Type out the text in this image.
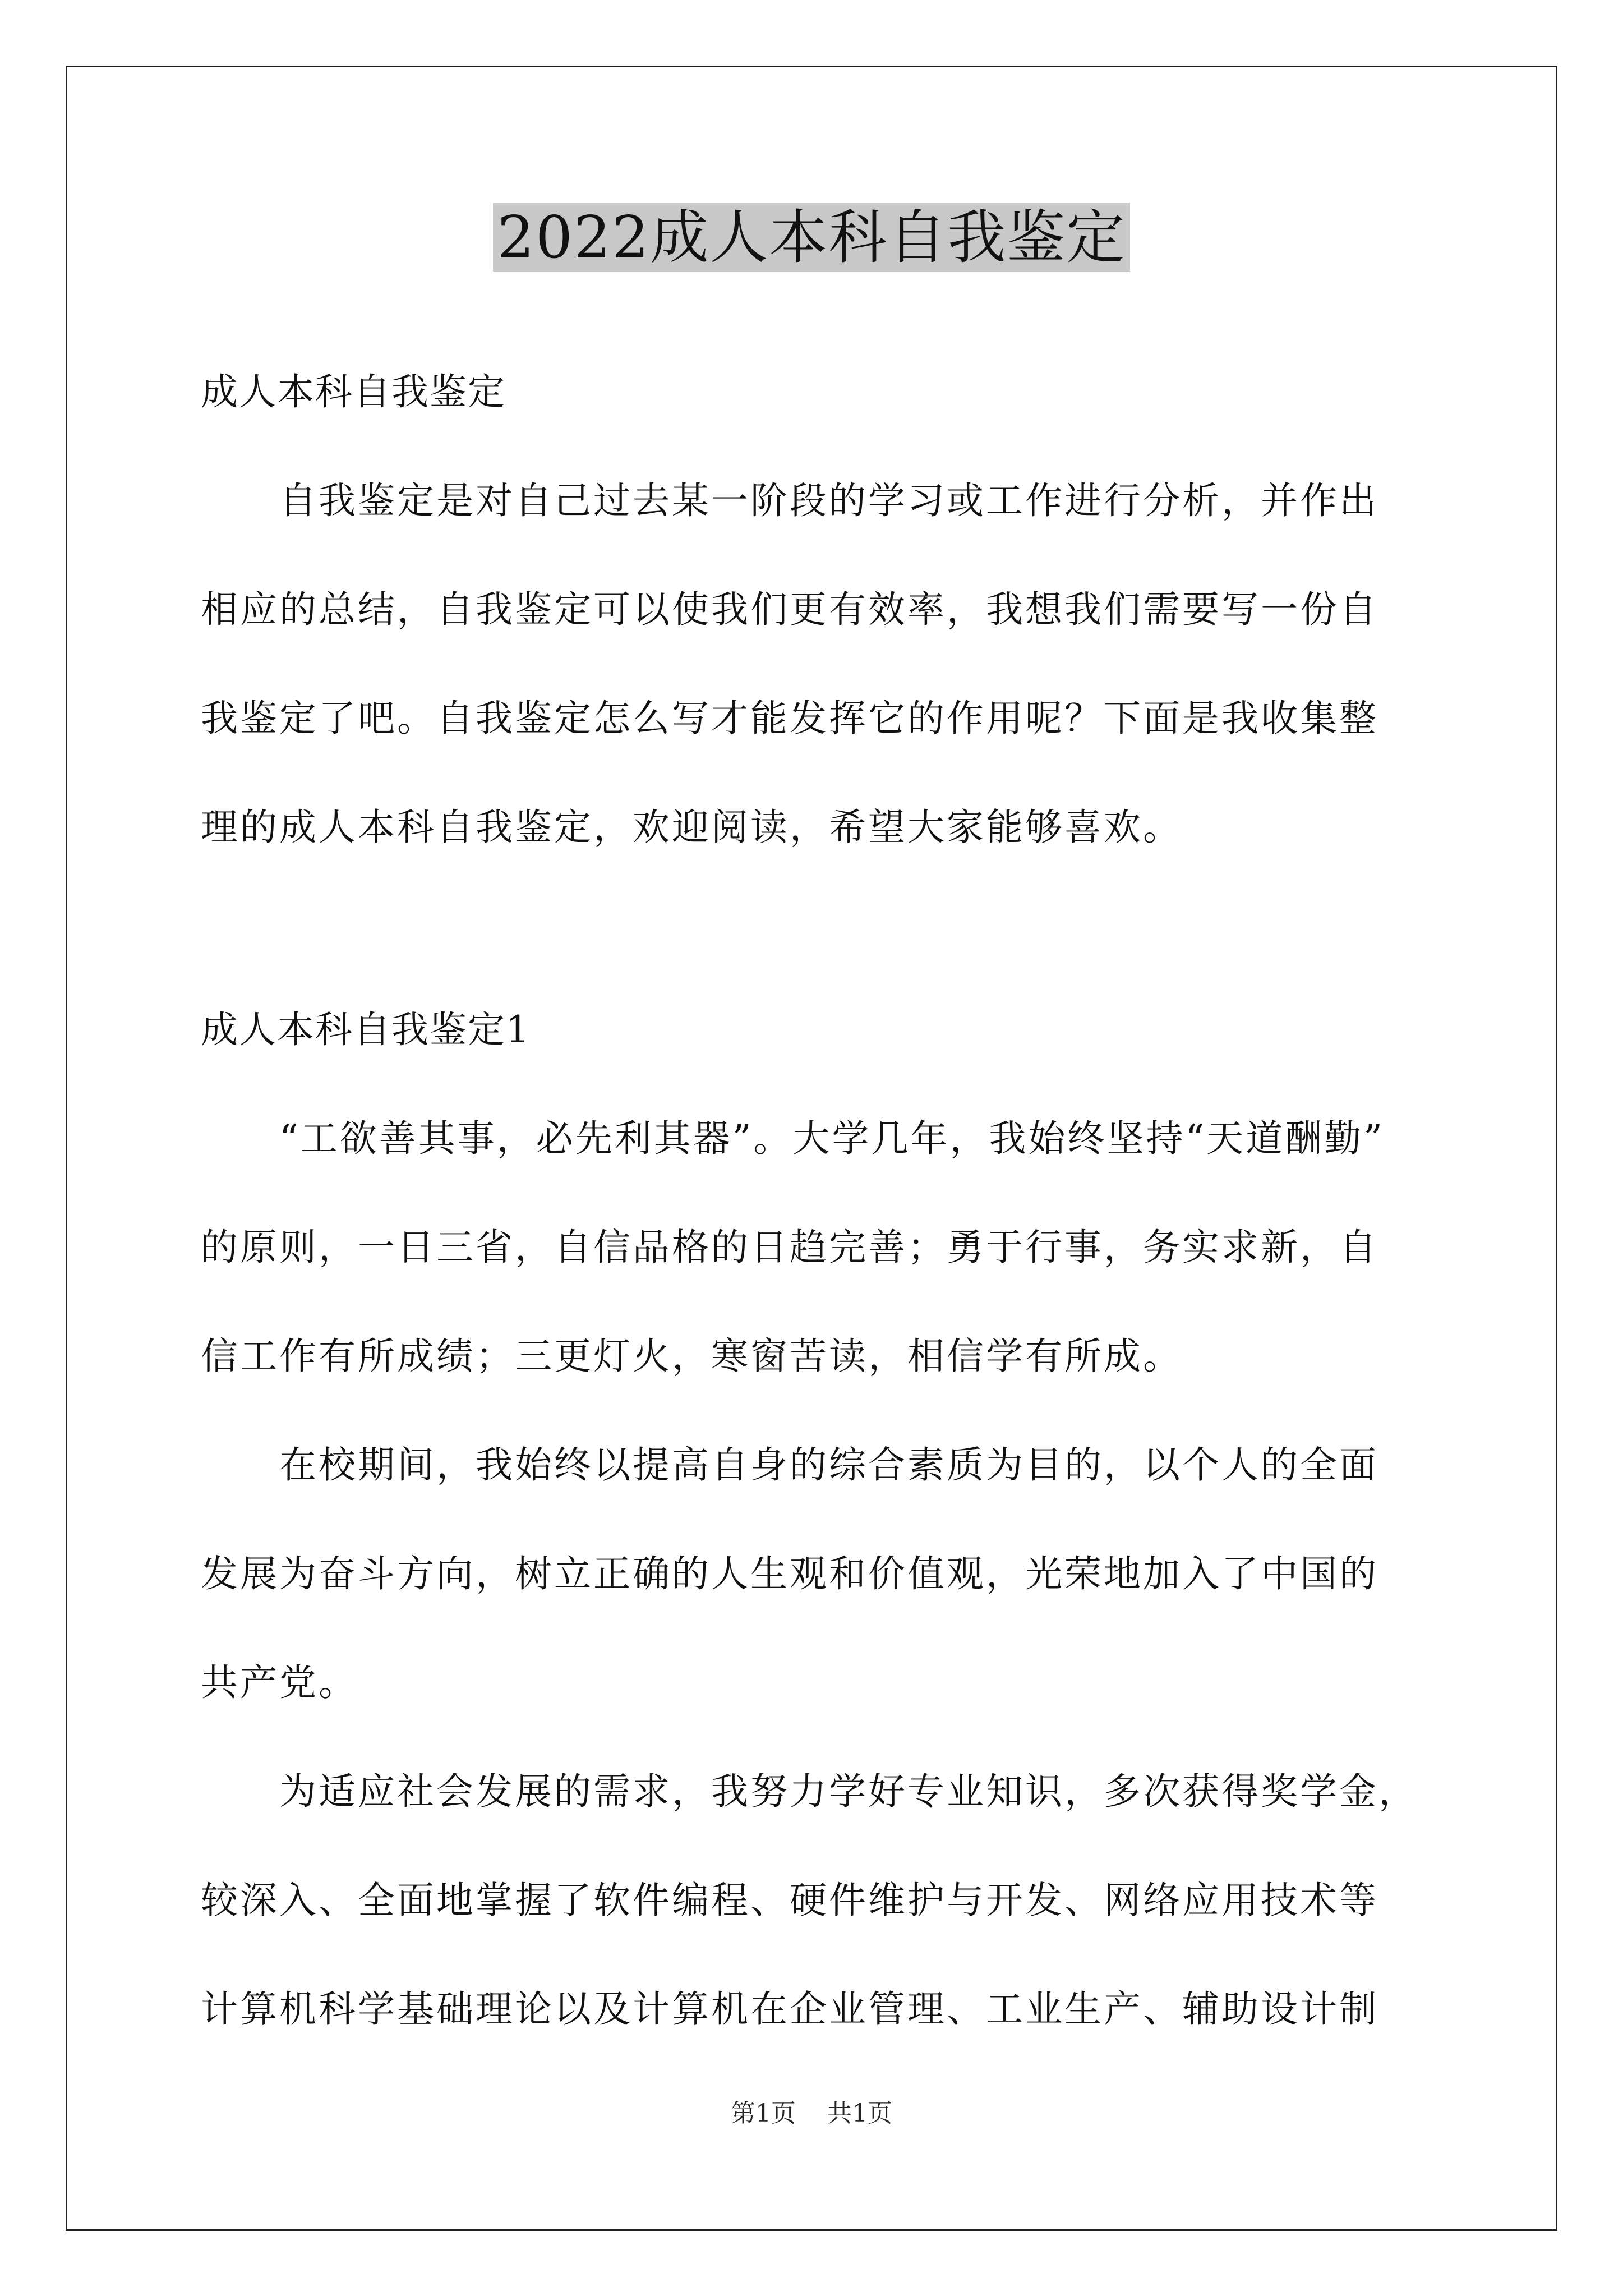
2022成人本科自我鉴定
成人本科自我鉴定
　　自我鉴定是对自己过去某一阶段的学习或工作进行分析，并作出
相应的总结，自我鉴定可以使我们更有效率，我想我们需要写一份自
我鉴定了吧。自我鉴定怎么写才能发挥它的作用呢？下面是我收集整
理的成人本科自我鉴定，欢迎阅读，希望大家能够喜欢。
成人本科自我鉴定1
　　“工欲善其事，必先利其器”。大学几年，我始终坚持“天道酬勤”
的原则，一日三省，自信品格的日趋完善；勇于行事，务实求新，自
信工作有所成绩；三更灯火，寒窗苦读，相信学有所成。
　　在校期间，我始终以提高自身的综合素质为目的，以个人的全面
发展为奋斗方向，树立正确的人生观和价值观，光荣地加入了中国的
共产党。
　　为适应社会发展的需求，我努力学好专业知识，多次获得奖学金，
较深入、全面地掌握了软件编程、硬件维护与开发、网络应用技术等
计算机科学基础理论以及计算机在企业管理、工业生产、辅助设计制
第1页 共1页
